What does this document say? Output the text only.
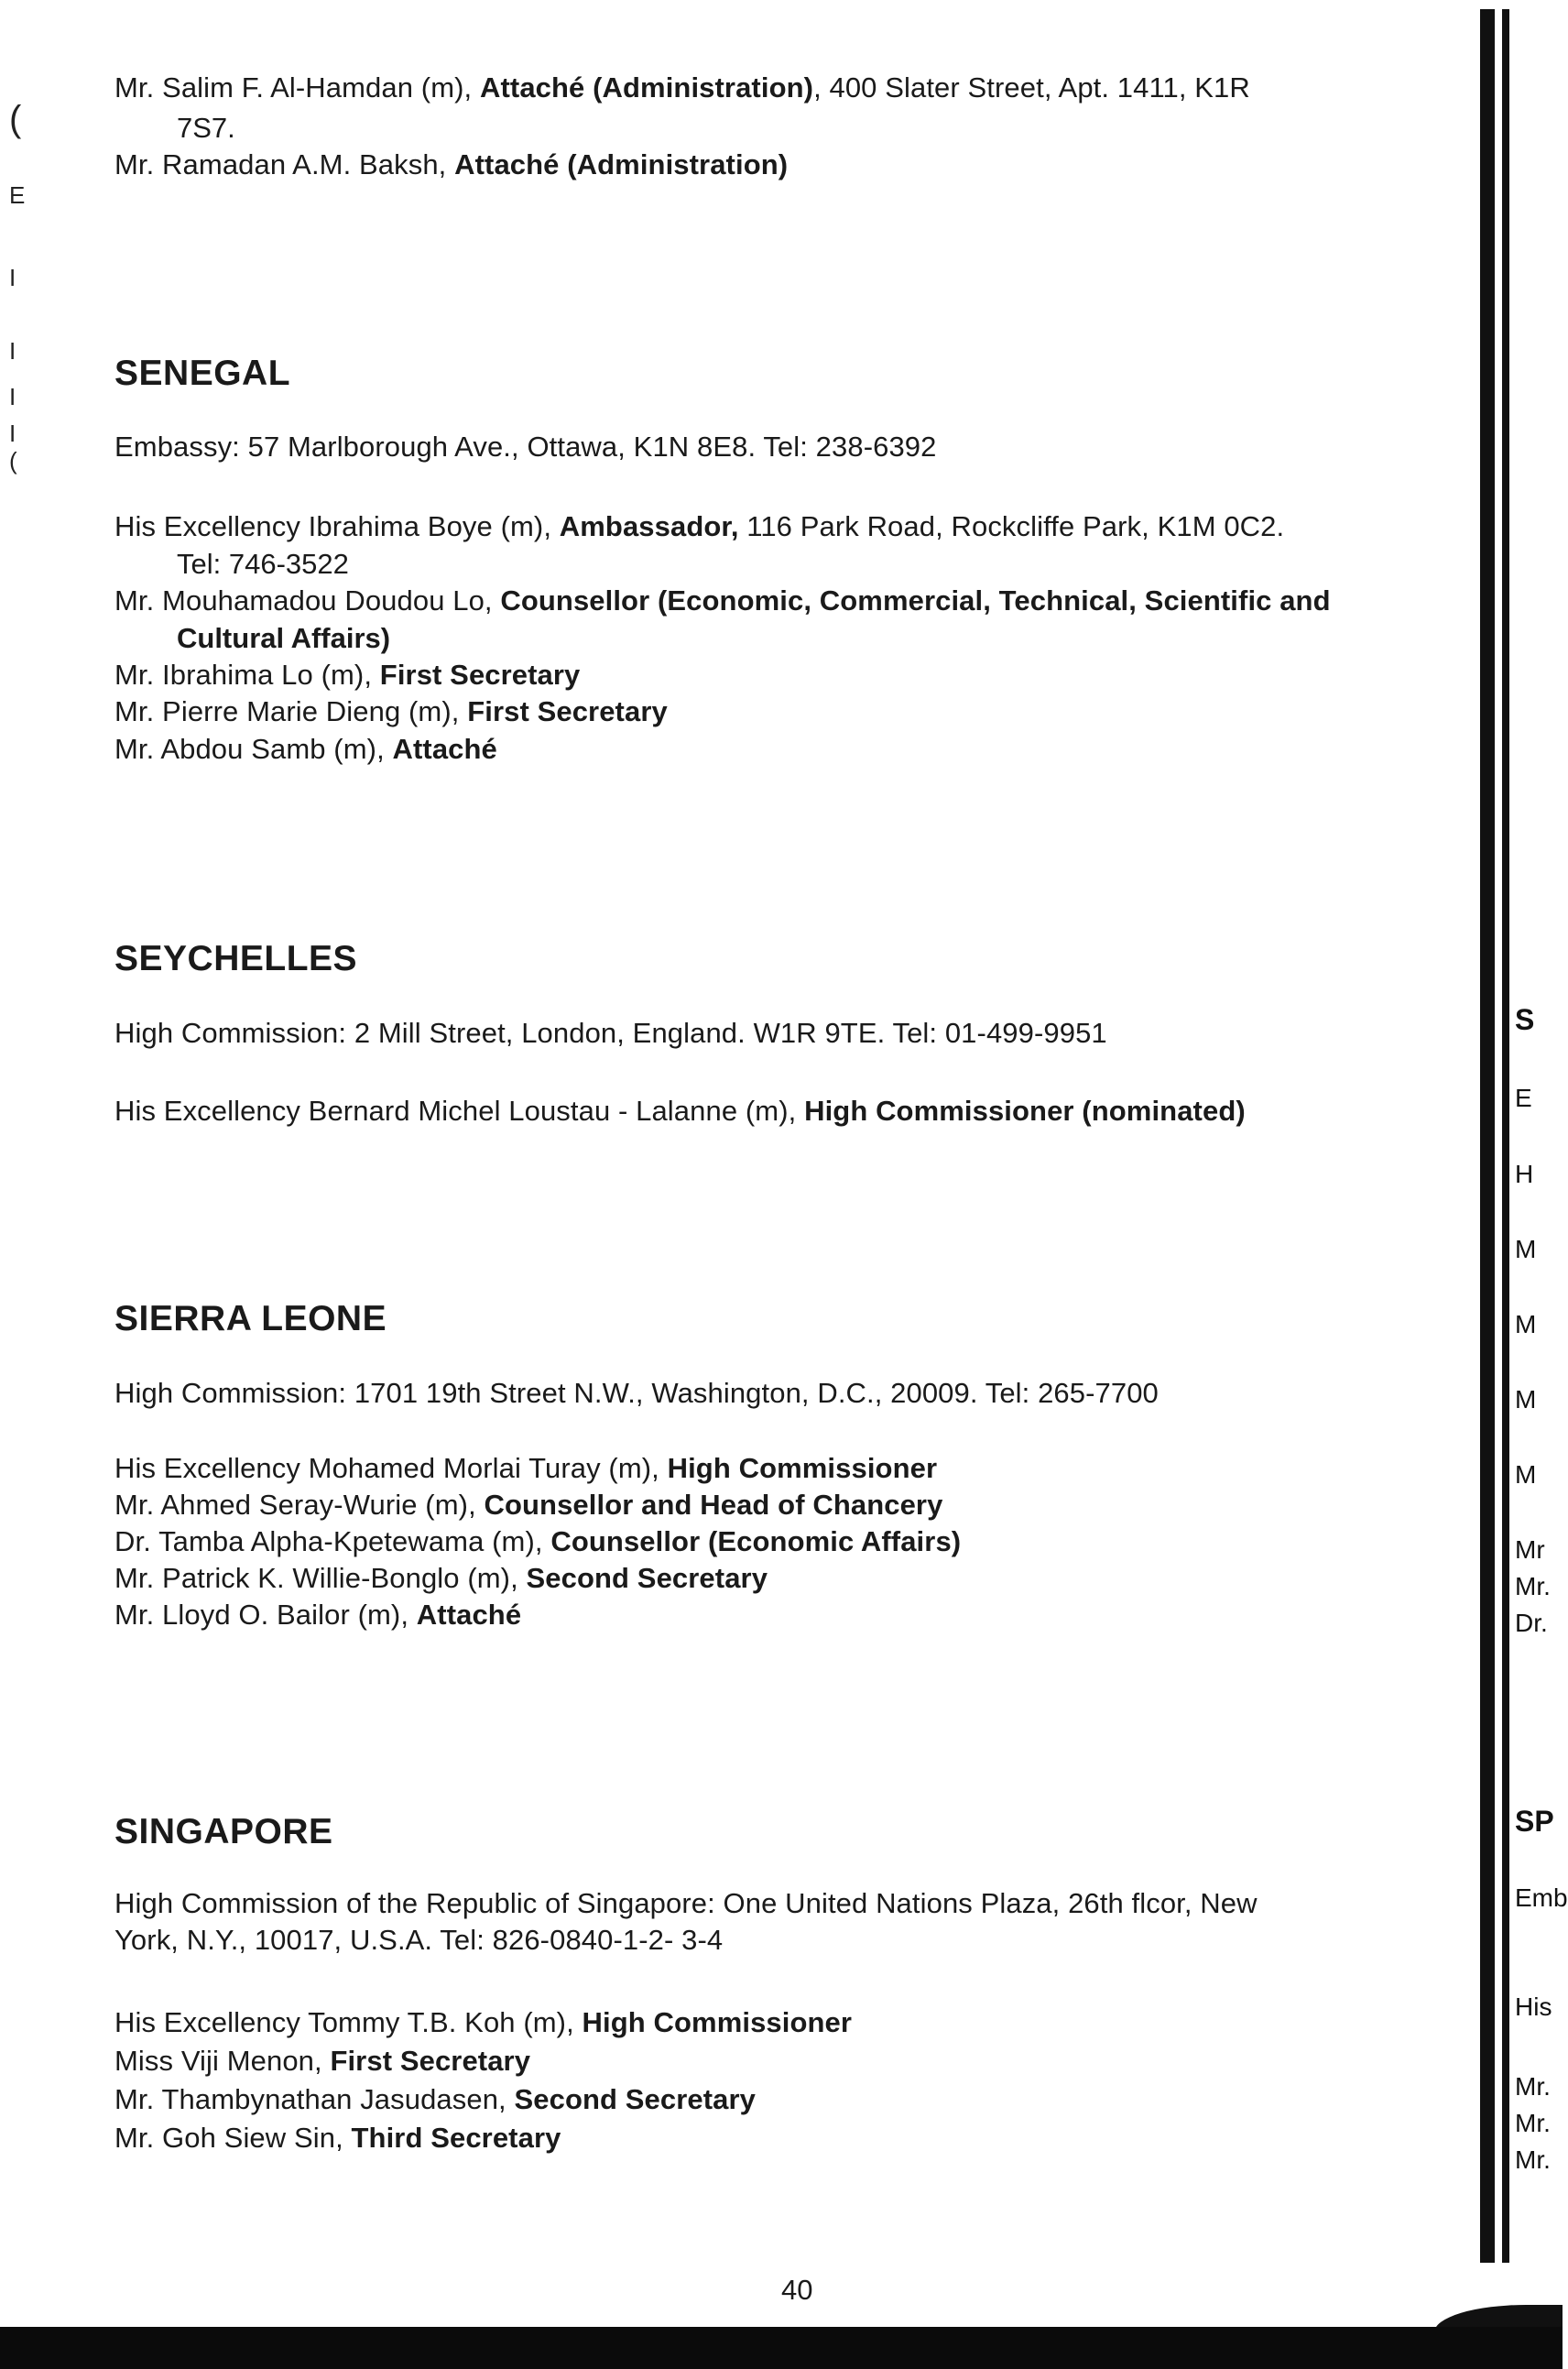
(
E
I
I
I
I
(
S
E
H
M
M
M
M
Mr
Mr.
Dr.
SP
Emb
His
Mr.
Mr.
Mr.
Mr. Salim F. Al-Hamdan (m), Attaché (Administration), 400 Slater Street, Apt. 1411, K1R
7S7.
Mr. Ramadan A.M. Baksh, Attaché (Administration)
SENEGAL
Embassy: 57 Marlborough Ave., Ottawa, K1N 8E8. Tel: 238-6392
His Excellency Ibrahima Boye (m), Ambassador, 116 Park Road, Rockcliffe Park, K1M 0C2.
Tel: 746-3522
Mr. Mouhamadou Doudou Lo, Counsellor (Economic, Commercial, Technical, Scientific and
Cultural Affairs)
Mr. Ibrahima Lo (m), First Secretary
Mr. Pierre Marie Dieng (m), First Secretary
Mr. Abdou Samb (m), Attaché
SEYCHELLES
High Commission: 2 Mill Street, London, England. W1R 9TE. Tel: 01-499-9951
His Excellency Bernard Michel Loustau - Lalanne (m), High Commissioner (nominated)
SIERRA LEONE
High Commission: 1701 19th Street N.W., Washington, D.C., 20009. Tel: 265-7700
His Excellency Mohamed Morlai Turay (m), High Commissioner
Mr. Ahmed Seray-Wurie (m), Counsellor and Head of Chancery
Dr. Tamba Alpha-Kpetewama (m), Counsellor (Economic Affairs)
Mr. Patrick K. Willie-Bonglo (m), Second Secretary
Mr. Lloyd O. Bailor (m), Attaché
SINGAPORE
High Commission of the Republic of Singapore: One United Nations Plaza, 26th flcor, New
York, N.Y., 10017, U.S.A. Tel: 826-0840-1-2- 3-4
His Excellency Tommy T.B. Koh (m), High Commissioner
Miss Viji Menon, First Secretary
Mr. Thambynathan Jasudasen, Second Secretary
Mr. Goh Siew Sin, Third Secretary
40
